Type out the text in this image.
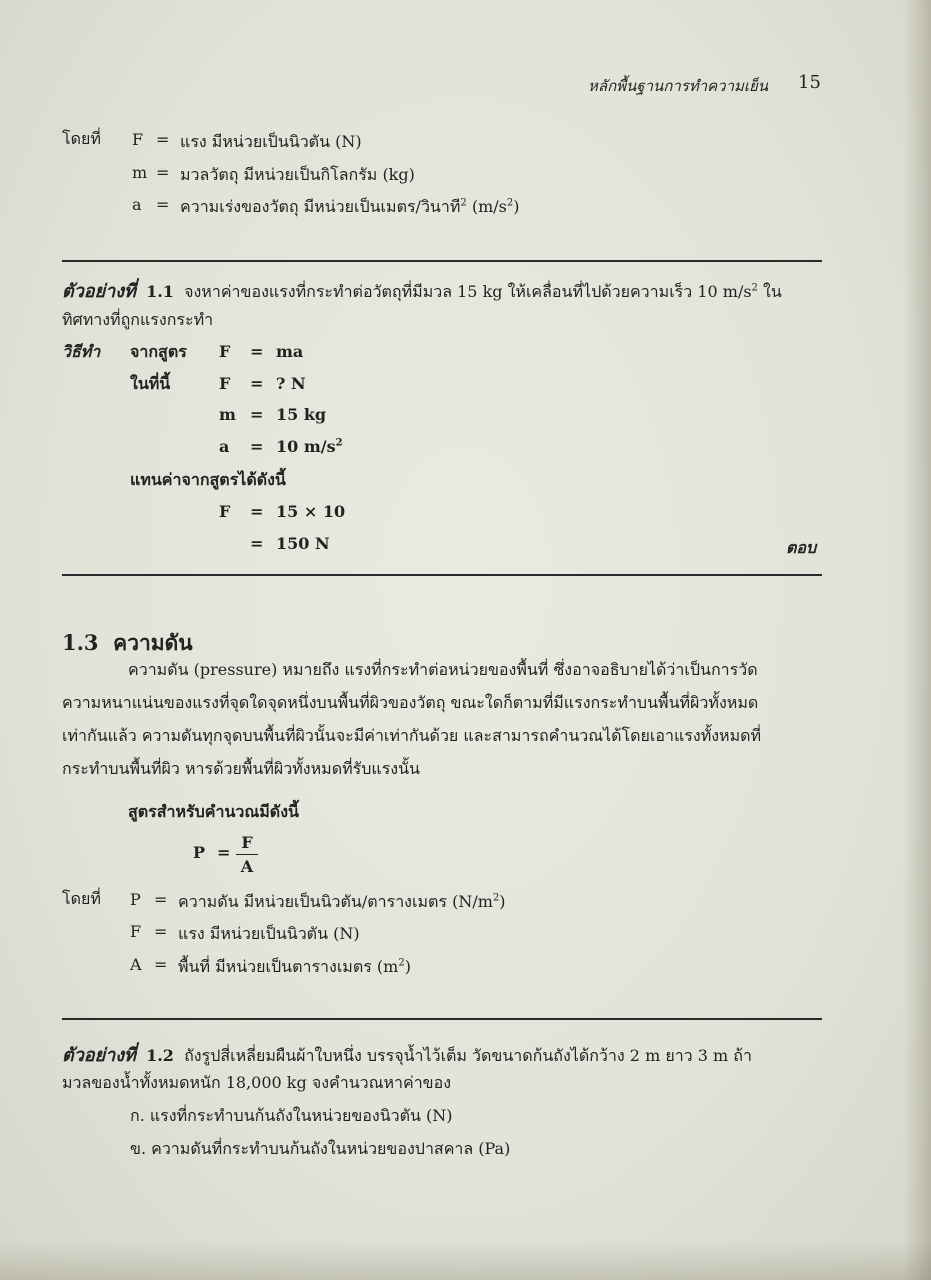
หลักพื้นฐานการทำความเย็น 15
โดยที่ F = แรง มีหน่วยเป็นนิวตัน (N)
m = มวลวัตถุ มีหน่วยเป็นกิโลกรัม (kg)
a = ความเร่งของวัตถุ มีหน่วยเป็นเมตร/วินาที$^2$ $(m/s^2)$
ตัวอย่างที่ 1.1 จงหาค่าของแรงที่กระทำต่อวัตถุที่มีมวล 15 kg ให้เคลื่อนที่ไปด้วยความเร็ว 10 $m/s^2$ ใน
ทิศทางที่ถูกแรงกระทำ
วิธีทำ จากสูตร
ในที่นี้
F = ma
F = ? N
m = 15 kg
a = 10 $m/s^2$
แทนค่าจากสูตรได้ดังนี้
F = 15 × 10
= 150 N	ตอบ
1.3 ความดัน
ความดัน (pressure) หมายถึง แรงที่กระทำต่อหน่วยของพื้นที่ ซึ่งอาจอธิบายได้ว่าเป็นการวัด
ความหนาแน่นของแรงที่จุดใดจุดหนึ่งบนพื้นที่ผิวของวัตถุ ขณะใดก็ตามที่มีแรงกระทำบนพื้นที่ผิวทั้งหมด
เท่ากันแล้ว ความดันทุกจุดบนพื้นที่ผิวนั้นจะมีค่าเท่ากันด้วย และสามารถคำนวณได้โดยเอาแรงทั้งหมดที่
กระทำบนพื้นที่ผิว หารด้วยพื้นที่ผิวทั้งหมดที่รับแรงนั้น
สูตรสำหรับคำนวณมีดังนี้
P =
F
A
โดยที่ P = ความดัน มีหน่วยเป็นนิวตัน/ตารางเมตร $(N/m^2)$
F = แรง มีหน่วยเป็นนิวตัน (N)
A = พื้นที่ มีหน่วยเป็นตารางเมตร $(m^2)$
ตัวอย่างที่ 1.2 ถังรูปสี่เหลี่ยมผืนผ้าใบหนึ่ง บรรจุน้ำไว้เต็ม วัดขนาดก้นถังได้กว้าง 2 m ยาว 3 m ถ้า
มวลของน้ำทั้งหมดหนัก 18,000 kg จงคำนวณหาค่าของ
ก. แรงที่กระทำบนก้นถังในหน่วยของนิวตัน (N)
ข. ความดันที่กระทำบนก้นถังในหน่วยของปาสคาล (Pa)
